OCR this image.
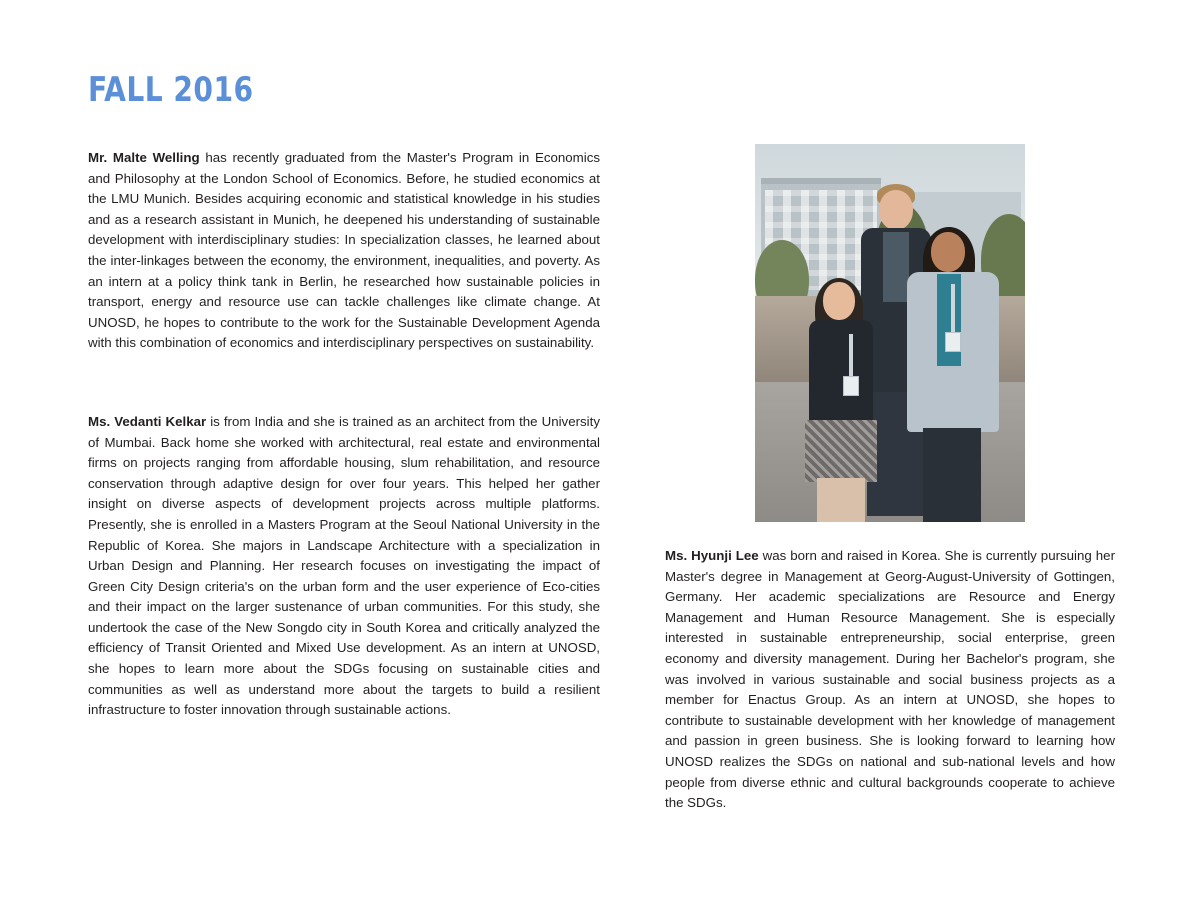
FALL 2016

Mr. Malte Welling has recently graduated from the Master's Program in Economics and Philosophy at the London School of Economics. Before, he studied economics at the LMU Munich. Besides acquiring economic and statistical knowledge in his studies and as a research assistant in Munich, he deepened his understanding of sustainable development with interdisciplinary studies: In specialization classes, he learned about the inter-linkages between the economy, the environment, inequalities, and poverty. As an intern at a policy think tank in Berlin, he researched how sustainable policies in transport, energy and resource use can tackle challenges like climate change. At UNOSD, he hopes to contribute to the work for the Sustainable Development Agenda with this combination of economics and interdisciplinary perspectives on sustainability.

Ms. Vedanti Kelkar is from India and she is trained as an architect from the University of Mumbai. Back home she worked with architectural, real estate and environmental firms on projects ranging from affordable housing, slum rehabilitation, and resource conservation through adaptive design for over four years. This helped her gather insight on diverse aspects of development projects across multiple platforms. Presently, she is enrolled in a Masters Program at the Seoul National University in the Republic of Korea. She majors in Landscape Architecture with a specialization in Urban Design and Planning. Her research focuses on investigating the impact of Green City Design criteria's on the urban form and the user experience of Eco-cities and their impact on the larger sustenance of urban communities. For this study, she undertook the case of the New Songdo city in South Korea and critically analyzed the efficiency of Transit Oriented and Mixed Use development. As an intern at UNOSD, she hopes to learn more about the SDGs focusing on sustainable cities and communities as well as understand more about the targets to build a resilient infrastructure to foster innovation through sustainable actions.

Ms. Hyunji Lee was born and raised in Korea. She is currently pursuing her Master's degree in Management at Georg-August-University of Gottingen, Germany. Her academic specializations are Resource and Energy Management and Human Resource Management. She is especially interested in sustainable entrepreneurship, social enterprise, green economy and diversity management. During her Bachelor's program, she was involved in various sustainable and social business projects as a member for Enactus Group. As an intern at UNOSD, she hopes to contribute to sustainable development with her knowledge of management and passion in green business. She is looking forward to learning how UNOSD realizes the SDGs on national and sub-national levels and how people from diverse ethnic and cultural backgrounds cooperate to achieve the SDGs.
